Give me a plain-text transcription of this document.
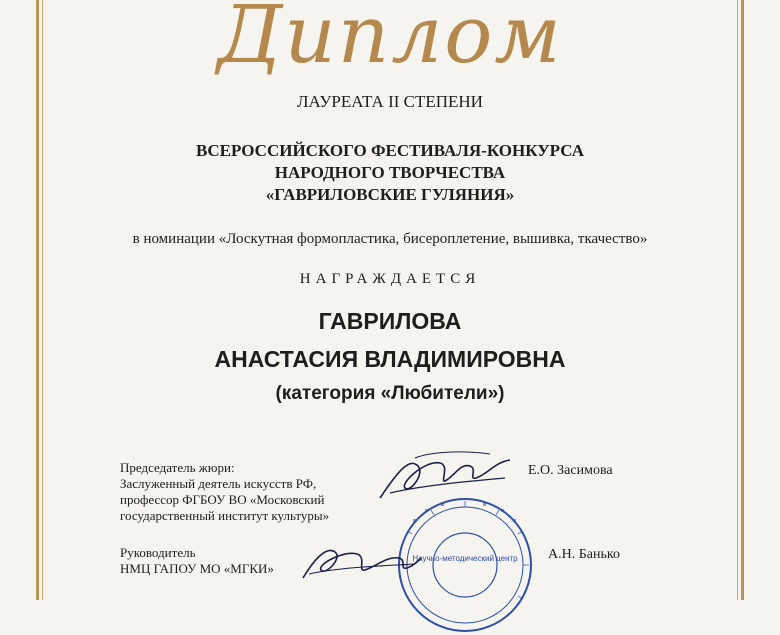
Диплом
ЛАУРЕАТА II СТЕПЕНИ
ВСЕРОССИЙСКОГО ФЕСТИВАЛЯ-КОНКУРСА
НАРОДНОГО ТВОРЧЕСТВА
«ГАВРИЛОВСКИЕ ГУЛЯНИЯ»
в номинации «Лоскутная формопластика, бисероплетение, вышивка, ткачество»
НАГРАЖДАЕТСЯ
ГАВРИЛОВА
АНАСТАСИЯ ВЛАДИМИРОВНА
(категория «Любители»)
Председатель жюри:
Заслуженный деятель искусств РФ,
профессор ФГБОУ ВО «Московский
государственный институт культуры»
Е.О. Засимова
Руководитель
НМЦ ГАПОУ МО «МГКИ»
А.Н. Банько
Научно-методический центр
